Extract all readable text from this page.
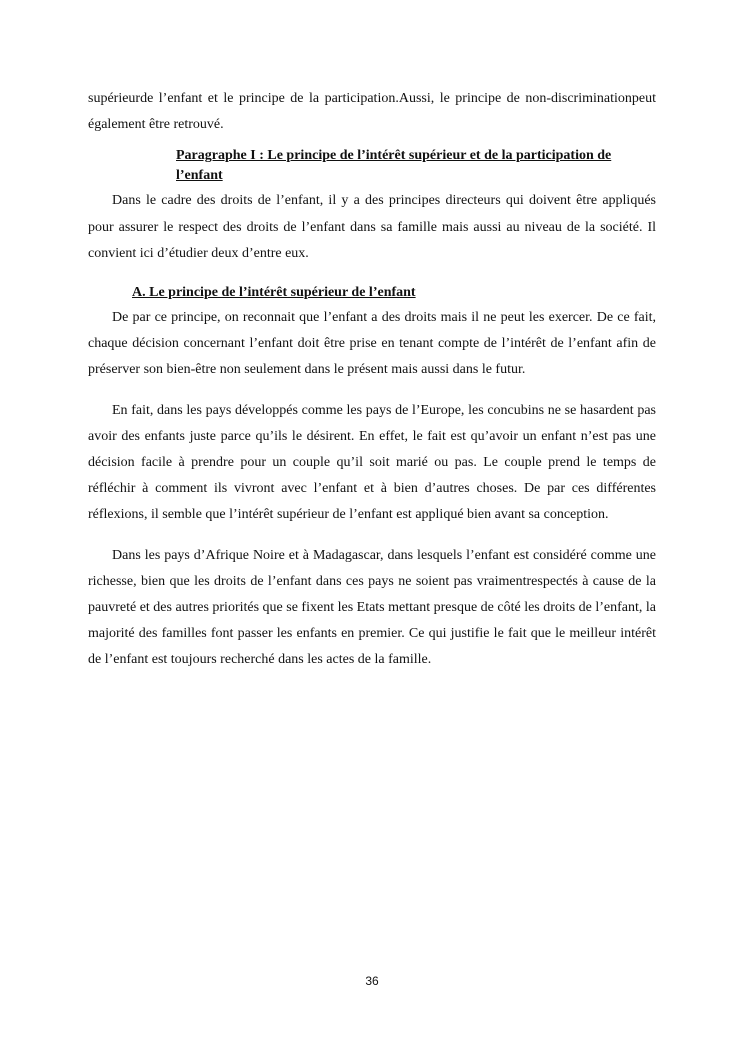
supérieurde l’enfant et le principe de la participation.Aussi, le principe de non-discriminationpeut également être retrouvé.

Paragraphe I : Le principe de l’intérêt supérieur et de la participation de l’enfant

Dans le cadre des droits de l’enfant, il y a des principes directeurs qui doivent être appliqués pour assurer le respect des droits de l’enfant dans sa famille mais aussi au niveau de la société. Il convient ici d’étudier deux d’entre eux.

A. Le principe de l’intérêt supérieur de l’enfant

De par ce principe, on reconnait que l’enfant a des droits mais il ne peut les exercer. De ce fait, chaque décision concernant l’enfant doit être prise en tenant compte de l’intérêt de l’enfant afin de préserver son bien-être non seulement dans le présent mais aussi dans le futur.

En fait, dans les pays développés comme les pays de l’Europe, les concubins ne se hasardent pas avoir des enfants juste parce qu’ils le désirent. En effet, le fait est qu’avoir un enfant n’est pas une décision facile à prendre pour un couple qu’il soit marié ou pas. Le couple prend le temps de réfléchir à comment ils vivront avec l’enfant et à bien d’autres choses. De par ces différentes réflexions, il semble que l’intérêt supérieur de l’enfant est appliqué bien avant sa conception.

Dans les pays d’Afrique Noire et à Madagascar, dans lesquels l’enfant est considéré comme une richesse, bien que les droits de l’enfant dans ces pays ne soient pas vraimentrespectés à cause de la pauvreté et des autres priorités que se fixent les Etats mettant presque de côté les droits de l’enfant, la majorité des familles font passer les enfants en premier. Ce qui justifie le fait que le meilleur intérêt de l’enfant est toujours recherché dans les actes de la famille.

36
